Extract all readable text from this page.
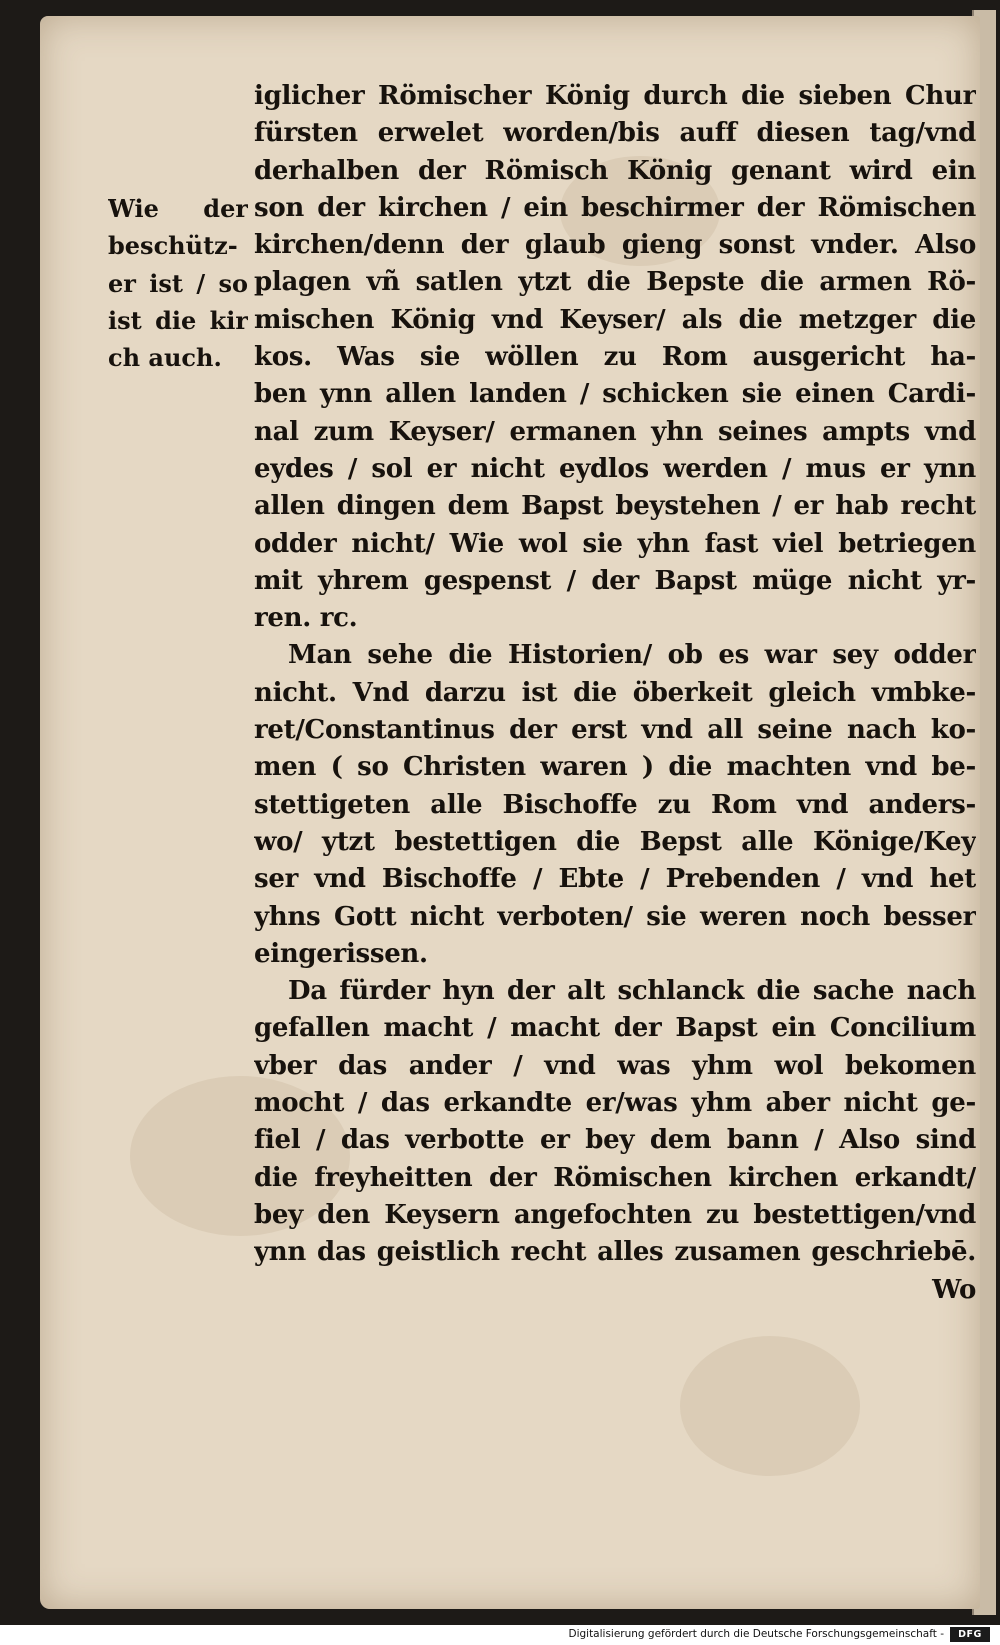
Wie der
beschütz-
er ist / so
ist die kir
ch auch.
iglicher Römischer König durch die sieben Chur
fürsten erwelet worden/bis auff diesen tag/vnd
derhalben der Römisch König genant wird ein
son der kirchen / ein beschirmer der Römischen
kirchen/denn der glaub gieng sonst vnder. Also
plagen vñ satlen ytzt die Bepste die armen Rö-
mischen König vnd Keyser/ als die metzger die
kos. Was sie wöllen zu Rom ausgericht ha-
ben ynn allen landen / schicken sie einen Cardi-
nal zum Keyser/ ermanen yhn seines ampts vnd
eydes / sol er nicht eydlos werden / mus er ynn
allen dingen dem Bapst beystehen / er hab recht
odder nicht/ Wie wol sie yhn fast viel betriegen
mit yhrem gespenst / der Bapst müge nicht yr-
ren. rc.
Man sehe die Historien/ ob es war sey odder
nicht. Vnd darzu ist die öberkeit gleich vmbke-
ret/Constantinus der erst vnd all seine nach ko-
men ( so Christen waren ) die machten vnd be-
stettigeten alle Bischoffe zu Rom vnd anders-
wo/ ytzt bestettigen die Bepst alle Könige/Key
ser vnd Bischoffe / Ebte / Prebenden / vnd het
yhns Gott nicht verboten/ sie weren noch besser
eingerissen.
Da fürder hyn der alt schlanck die sache nach
gefallen macht / macht der Bapst ein Concilium
vber das ander / vnd was yhm wol bekomen
mocht / das erkandte er/was yhm aber nicht ge-
fiel / das verbotte er bey dem bann / Also sind
die freyheitten der Römischen kirchen erkandt/
bey den Keysern angefochten zu bestettigen/vnd
ynn das geistlich recht alles zusamen geschriebē.
Wo
Digitalisierung gefördert durch die Deutsche Forschungsgemeinschaft -	DFG
